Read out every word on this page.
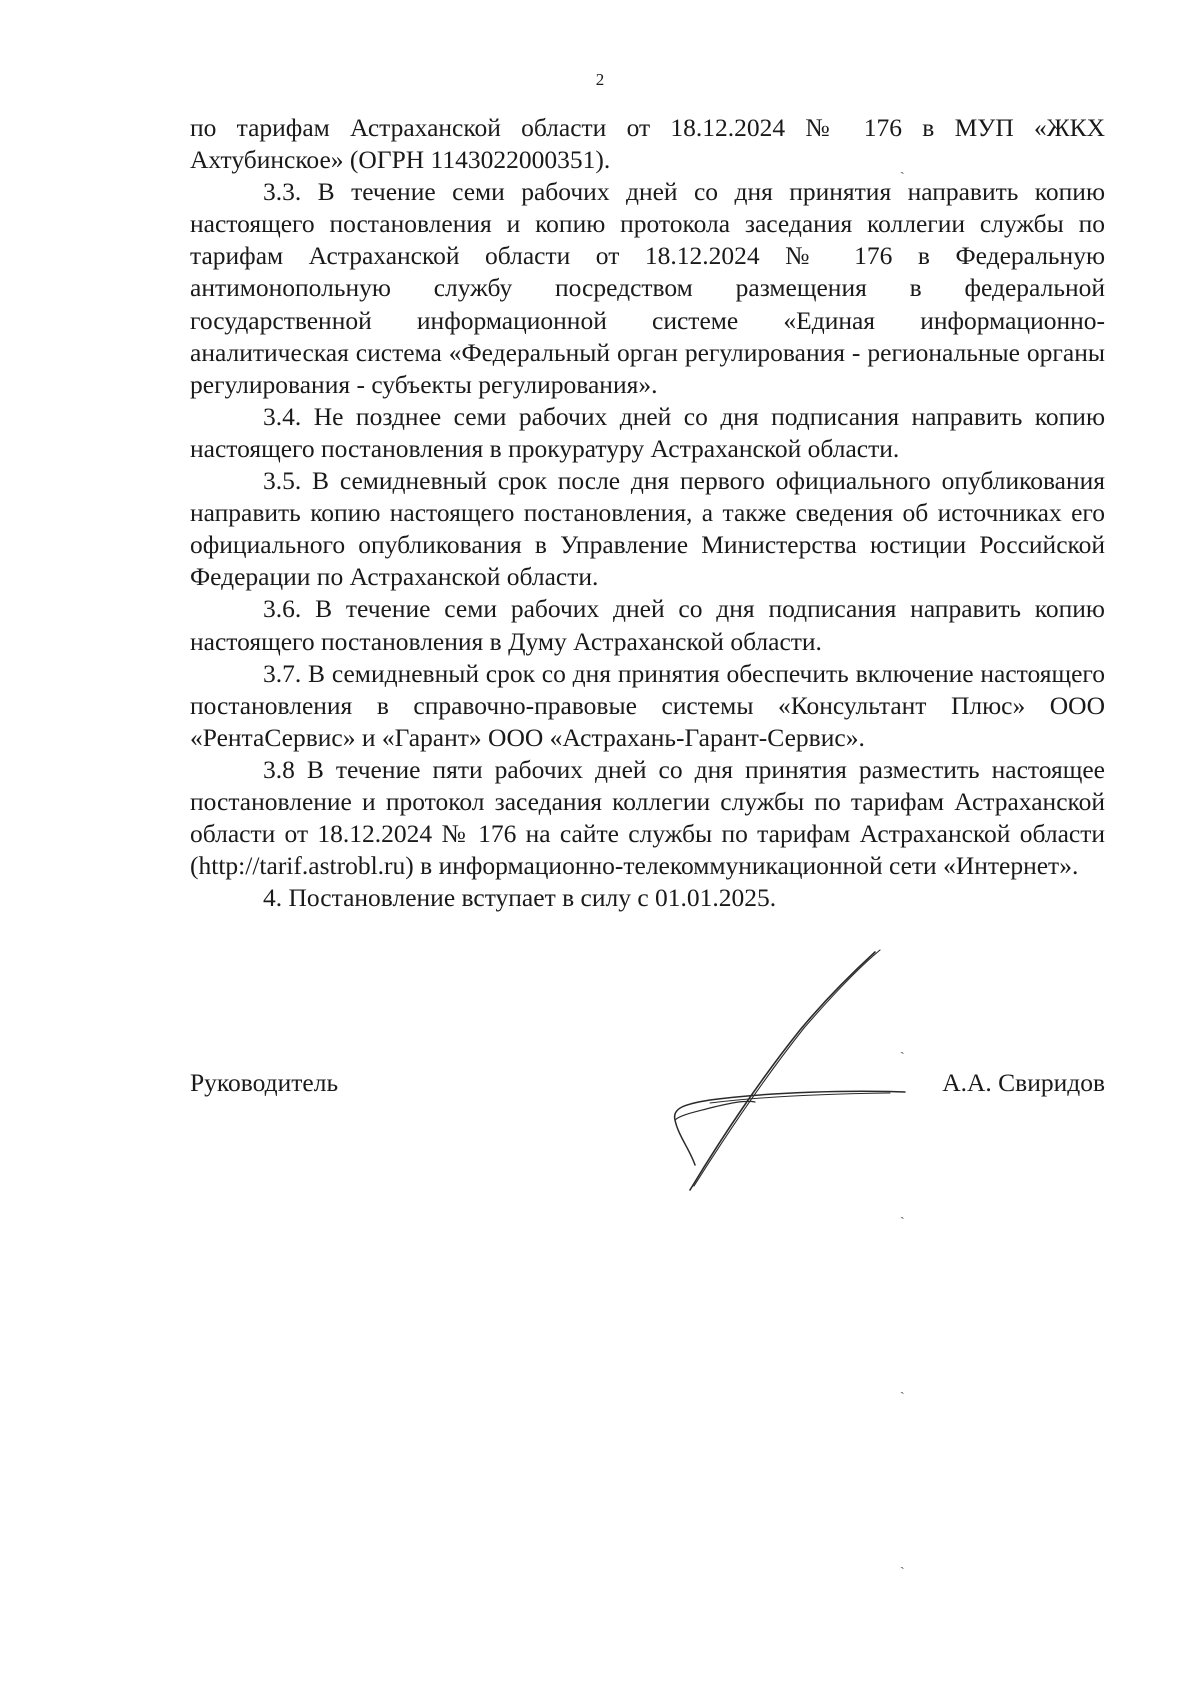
2

по тарифам Астраханской области от 18.12.2024 № 176 в МУП «ЖКХ Ахтубинское» (ОГРН 1143022000351).

3.3. В течение семи рабочих дней со дня принятия направить копию настоящего постановления и копию протокола заседания коллегии службы по тарифам Астраханской области от 18.12.2024 № 176 в Федеральную антимонопольную службу посредством размещения в федеральной государственной информационной системе «Единая информационно-аналитическая система «Федеральный орган регулирования - региональные органы регулирования - субъекты регулирования».

3.4. Не позднее семи рабочих дней со дня подписания направить копию настоящего постановления в прокуратуру Астраханской области.

3.5. В семидневный срок после дня первого официального опубликования направить копию настоящего постановления, а также сведения об источниках его официального опубликования в Управление Министерства юстиции Российской Федерации по Астраханской области.

3.6. В течение семи рабочих дней со дня подписания направить копию настоящего постановления в Думу Астраханской области.

3.7. В семидневный срок со дня принятия обеспечить включение настоящего постановления в справочно-правовые системы «Консультант Плюс» ООО «РентаСервис» и «Гарант» ООО «Астрахань-Гарант-Сервис».

3.8 В течение пяти рабочих дней со дня принятия разместить настоящее постановление и протокол заседания коллегии службы по тарифам Астраханской области от 18.12.2024 № 176 на сайте службы по тарифам Астраханской области (http://tarif.astrobl.ru) в информационно-телекоммуникационной сети «Интернет».

4. Постановление вступает в силу с 01.01.2025.

Руководитель	А.А. Свиридов
ˎ
ˎ
ˎ
ˎ
ˎ
